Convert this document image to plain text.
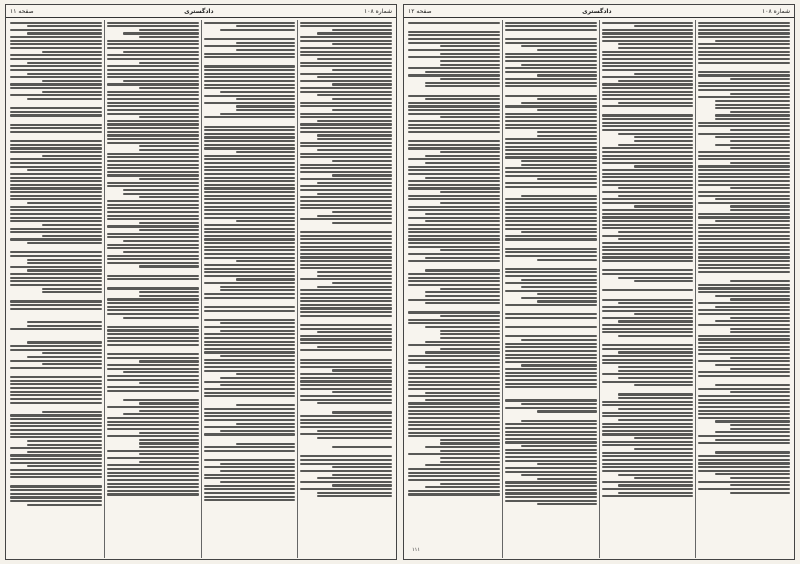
شماره ۱۰۸
دادگستری
صفحه ۱۱	شماره ۱۰۸
دادگستری
صفحه ۱۲
۱۱۱
